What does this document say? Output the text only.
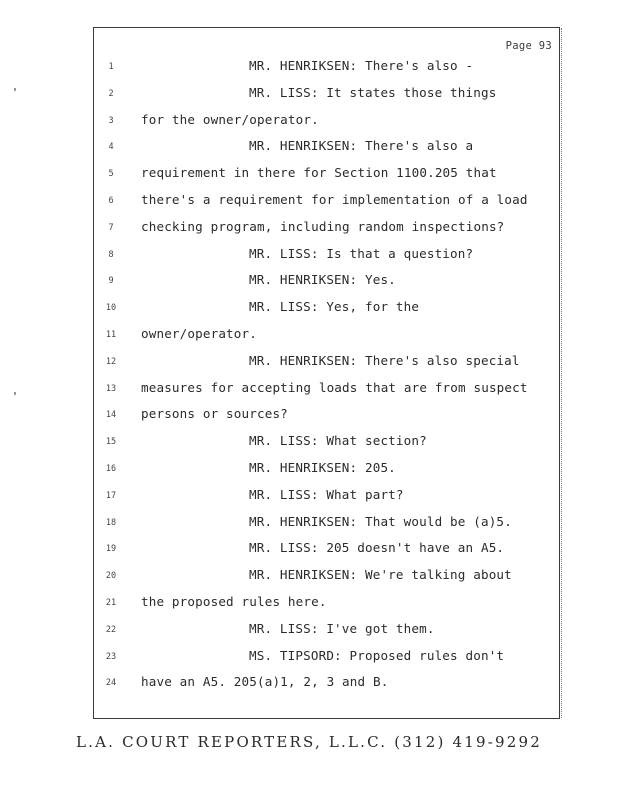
Page 93
1	MR. HENRIKSEN: There's also -
2	MR. LISS: It states those things
3	for the owner/operator.
4	MR. HENRIKSEN: There's also a
5	requirement in there for Section 1100.205 that
6	there's a requirement for implementation of a load
7	checking program, including random inspections?
8	MR. LISS: Is that a question?
9	MR. HENRIKSEN: Yes.
10	MR. LISS: Yes, for the
11	owner/operator.
12	MR. HENRIKSEN: There's also special
13	measures for accepting loads that are from suspect
14	persons or sources?
15	MR. LISS: What section?
16	MR. HENRIKSEN: 205.
17	MR. LISS: What part?
18	MR. HENRIKSEN: That would be (a)5.
19	MR. LISS: 205 doesn't have an A5.
20	MR. HENRIKSEN: We're talking about
21	the proposed rules here.
22	MR. LISS: I've got them.
23	MS. TIPSORD: Proposed rules don't
24	have an A5. 205(a)1, 2, 3 and B.
L.A. COURT REPORTERS, L.L.C. (312) 419-9292
